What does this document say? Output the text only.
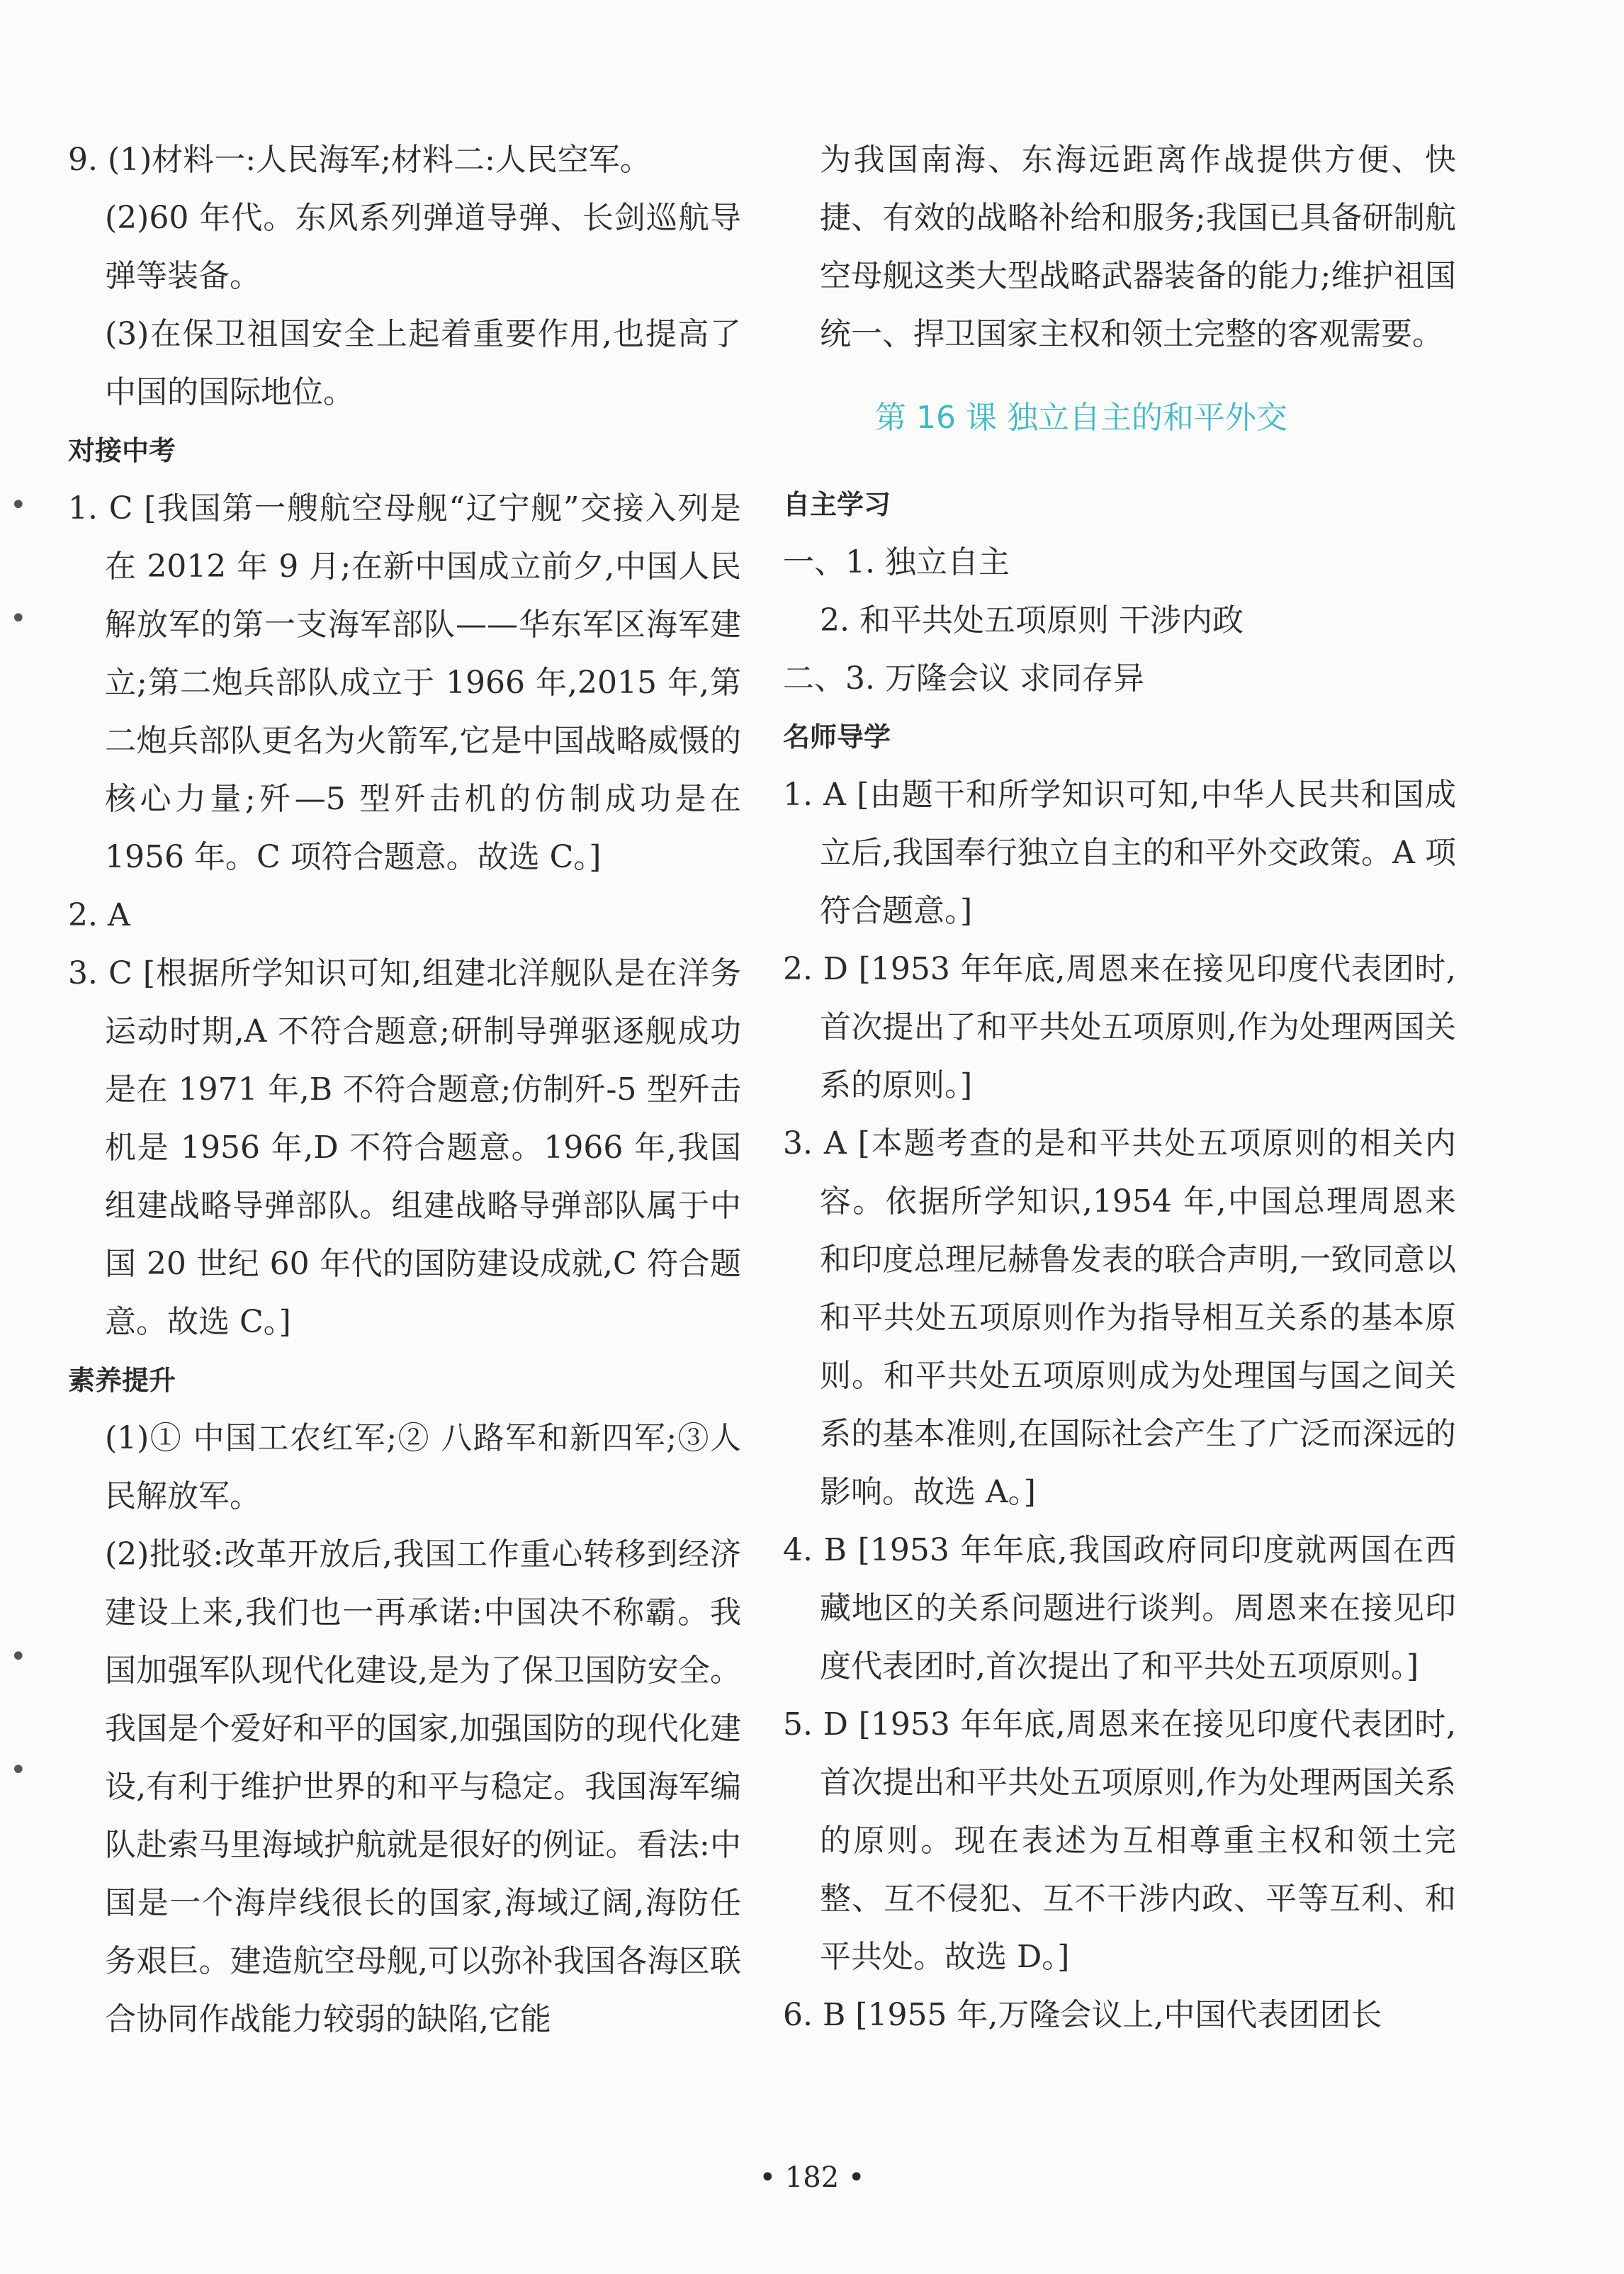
•
•
•
•

9. (1)材料一:人民海军;材料二:人民空军。

(2)60 年代。东风系列弹道导弹、长剑巡航导弹等装备。

(3)在保卫祖国安全上起着重要作用,也提高了中国的国际地位。

对接中考

1. C [我国第一艘航空母舰“辽宁舰”交接入列是在 2012 年 9 月;在新中国成立前夕,中国人民解放军的第一支海军部队——华东军区海军建立;第二炮兵部队成立于 1966 年,2015 年,第二炮兵部队更名为火箭军,它是中国战略威慑的核心力量;歼—5 型歼击机的仿制成功是在 1956 年。C 项符合题意。故选 C。]

2. A

3. C [根据所学知识可知,组建北洋舰队是在洋务运动时期,A 不符合题意;研制导弹驱逐舰成功是在 1971 年,B 不符合题意;仿制歼-5 型歼击机是 1956 年,D 不符合题意。1966 年,我国组建战略导弹部队。组建战略导弹部队属于中国 20 世纪 60 年代的国防建设成就,C 符合题意。故选 C。]

素养提升

(1)① 中国工农红军;② 八路军和新四军;③人民解放军。

(2)批驳:改革开放后,我国工作重心转移到经济建设上来,我们也一再承诺:中国决不称霸。我国加强军队现代化建设,是为了保卫国防安全。我国是个爱好和平的国家,加强国防的现代化建设,有利于维护世界的和平与稳定。我国海军编队赴索马里海域护航就是很好的例证。看法:中国是一个海岸线很长的国家,海域辽阔,海防任务艰巨。建造航空母舰,可以弥补我国各海区联合协同作战能力较弱的缺陷,它能

为我国南海、东海远距离作战提供方便、快捷、有效的战略补给和服务;我国已具备研制航空母舰这类大型战略武器装备的能力;维护祖国统一、捍卫国家主权和领土完整的客观需要。

第 16 课 独立自主的和平外交

自主学习

一、1. 独立自主

2. 和平共处五项原则 干涉内政

二、3. 万隆会议 求同存异

名师导学

1. A [由题干和所学知识可知,中华人民共和国成立后,我国奉行独立自主的和平外交政策。A 项符合题意。]

2. D [1953 年年底,周恩来在接见印度代表团时,首次提出了和平共处五项原则,作为处理两国关系的原则。]

3. A [本题考查的是和平共处五项原则的相关内容。依据所学知识,1954 年,中国总理周恩来和印度总理尼赫鲁发表的联合声明,一致同意以和平共处五项原则作为指导相互关系的基本原则。和平共处五项原则成为处理国与国之间关系的基本准则,在国际社会产生了广泛而深远的影响。故选 A。]

4. B [1953 年年底,我国政府同印度就两国在西藏地区的关系问题进行谈判。周恩来在接见印度代表团时,首次提出了和平共处五项原则。]

5. D [1953 年年底,周恩来在接见印度代表团时,首次提出和平共处五项原则,作为处理两国关系的原则。现在表述为互相尊重主权和领土完整、互不侵犯、互不干涉内政、平等互利、和平共处。故选 D。]

6. B [1955 年,万隆会议上,中国代表团团长

• 182 •
